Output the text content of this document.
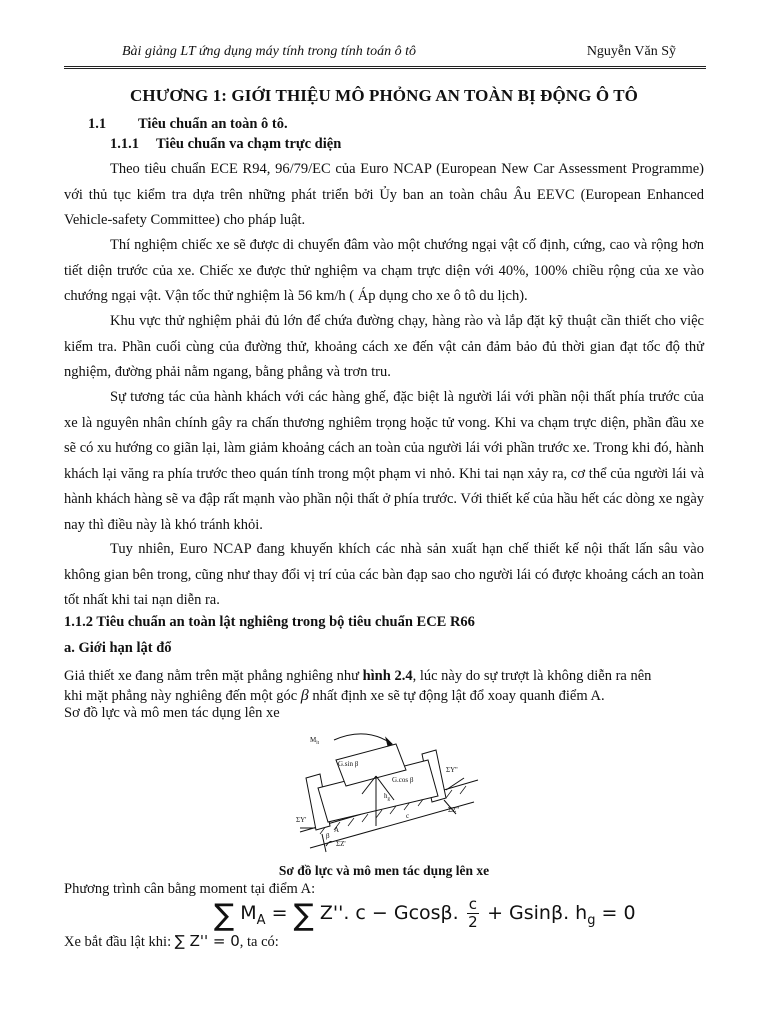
Bài giảng LT ứng dụng máy tính trong tính toán ô tô	Nguyễn Văn Sỹ
CHƯƠNG 1: GIỚI THIỆU MÔ PHỎNG AN TOÀN BỊ ĐỘNG Ô TÔ
1.1 Tiêu chuẩn an toàn ô tô.
1.1.1 Tiêu chuẩn va chạm trực diện
Theo tiêu chuẩn ECE R94, 96/79/EC của Euro NCAP (European New Car Assessment Programme) với thủ tục kiểm tra dựa trên những phát triển bởi Ủy ban an toàn châu Âu EEVC (European Enhanced Vehicle-safety Committee) cho pháp luật.
Thí nghiệm chiếc xe sẽ được di chuyển đâm vào một chướng ngại vật cố định, cứng, cao và rộng hơn tiết diện trước của xe. Chiếc xe được thử nghiệm va chạm trực diện với 40%, 100% chiều rộng của xe vào chướng ngại vật. Vận tốc thử nghiệm là 56 km/h ( Áp dụng cho xe ô tô du lịch).
Khu vực thử nghiệm phải đủ lớn để chứa đường chạy, hàng rào và lắp đặt kỹ thuật cần thiết cho việc kiểm tra. Phần cuối cùng của đường thử, khoảng cách xe đến vật cản đảm bảo đủ thời gian đạt tốc độ thử nghiệm, đường phải nằm ngang, bằng phẳng và trơn tru.
Sự tương tác của hành khách với các hàng ghế, đặc biệt là người lái với phần nội thất phía trước của xe là nguyên nhân chính gây ra chấn thương nghiêm trọng hoặc tử vong. Khi va chạm trực diện, phần đầu xe sẽ có xu hướng co giãn lại, làm giảm khoảng cách an toàn của người lái với phần trước xe. Trong khi đó, hành khách lại văng ra phía trước theo quán tính trong một phạm vi nhỏ. Khi tai nạn xảy ra, cơ thể của người lái và hành khách hàng sẽ va đập rất mạnh vào phần nội thất ở phía trước. Với thiết kế của hầu hết các dòng xe ngày nay thì điều này là khó tránh khỏi.
Tuy nhiên, Euro NCAP đang khuyến khích các nhà sản xuất hạn chế thiết kế nội thất lấn sâu vào không gian bên trong, cũng như thay đổi vị trí của các bàn đạp sao cho người lái có được khoảng cách an toàn tốt nhất khi tai nạn diễn ra.
1.1.2 Tiêu chuẩn an toàn lật nghiêng trong bộ tiêu chuẩn ECE R66
a. Giới hạn lật đổ
Giả thiết xe đang nằm trên mặt phẳng nghiêng như hình 2.4, lúc này do sự trượt là không diễn ra nên
khi mặt phẳng này nghiêng đến một góc β nhất định xe sẽ tự động lật đổ xoay quanh điểm A.
Sơ đồ lực và mô men tác dụng lên xe
$M_{lt}$
G.sin β
G.cos β
ΣY''
ΣZ''
ΣY'
ΣZ'
A
β
c
$h_g$
Sơ đồ lực và mô men tác dụng lên xe
Phương trình cân bằng moment tại điểm A:
∑ $M_A$ = ∑ Z''. c − Gcosβ. $\frac{c}{2} + Gsin\beta$. $h_g = 0$
Xe bắt đầu lật khi: ∑ Z'' = 0, ta có:
